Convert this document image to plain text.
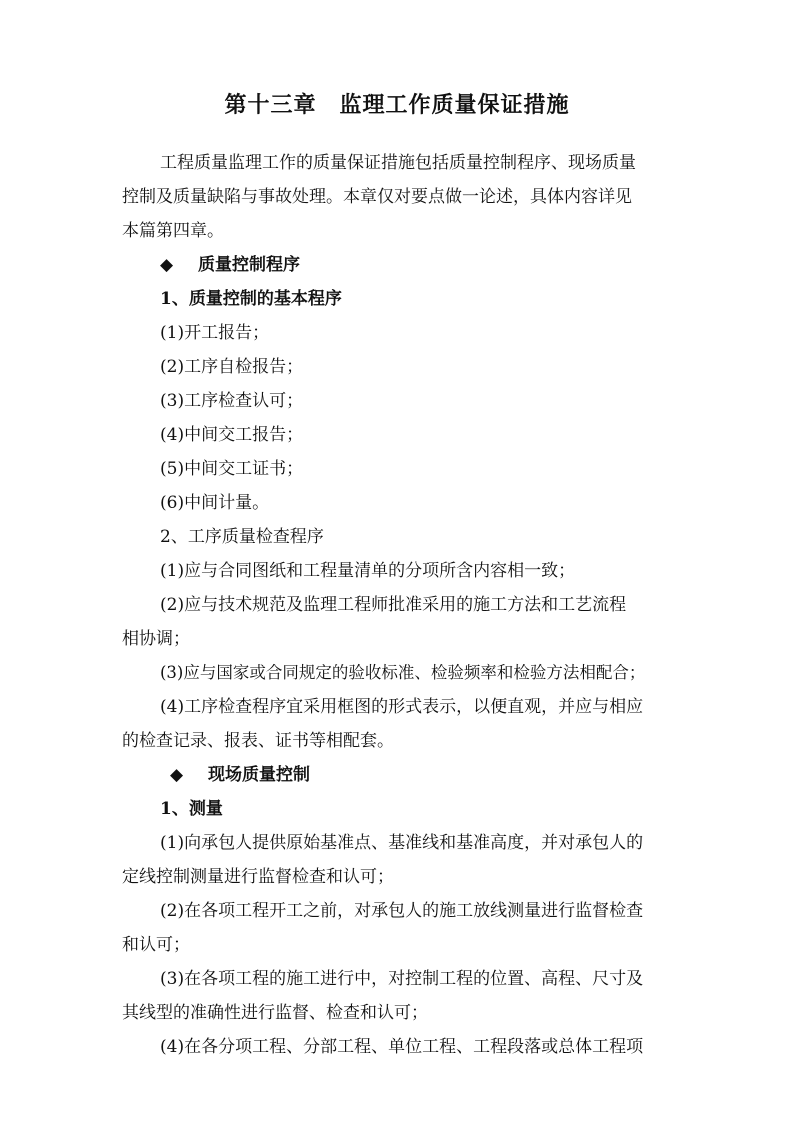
第十三章　监理工作质量保证措施
工程质量监理工作的质量保证措施包括质量控制程序、现场质量
控制及质量缺陷与事故处理。本章仅对要点做一论述，具体内容详见
本篇第四章。
◆ 质量控制程序
1、质量控制的基本程序
(1)开工报告；
(2)工序自检报告；
(3)工序检查认可；
(4)中间交工报告；
(5)中间交工证书；
(6)中间计量。
2、工序质量检查程序
(1)应与合同图纸和工程量清单的分项所含内容相一致；
(2)应与技术规范及监理工程师批准采用的施工方法和工艺流程
相协调；
(3)应与国家或合同规定的验收标准、检验频率和检验方法相配合；
(4)工序检查程序宜采用框图的形式表示，以便直观，并应与相应
的检查记录、报表、证书等相配套。
◆ 现场质量控制
1、测量
(1)向承包人提供原始基准点、基准线和基准高度，并对承包人的
定线控制测量进行监督检查和认可；
(2)在各项工程开工之前，对承包人的施工放线测量进行监督检查
和认可；
(3)在各项工程的施工进行中，对控制工程的位置、高程、尺寸及
其线型的准确性进行监督、检查和认可；
(4)在各分项工程、分部工程、单位工程、工程段落或总体工程项
